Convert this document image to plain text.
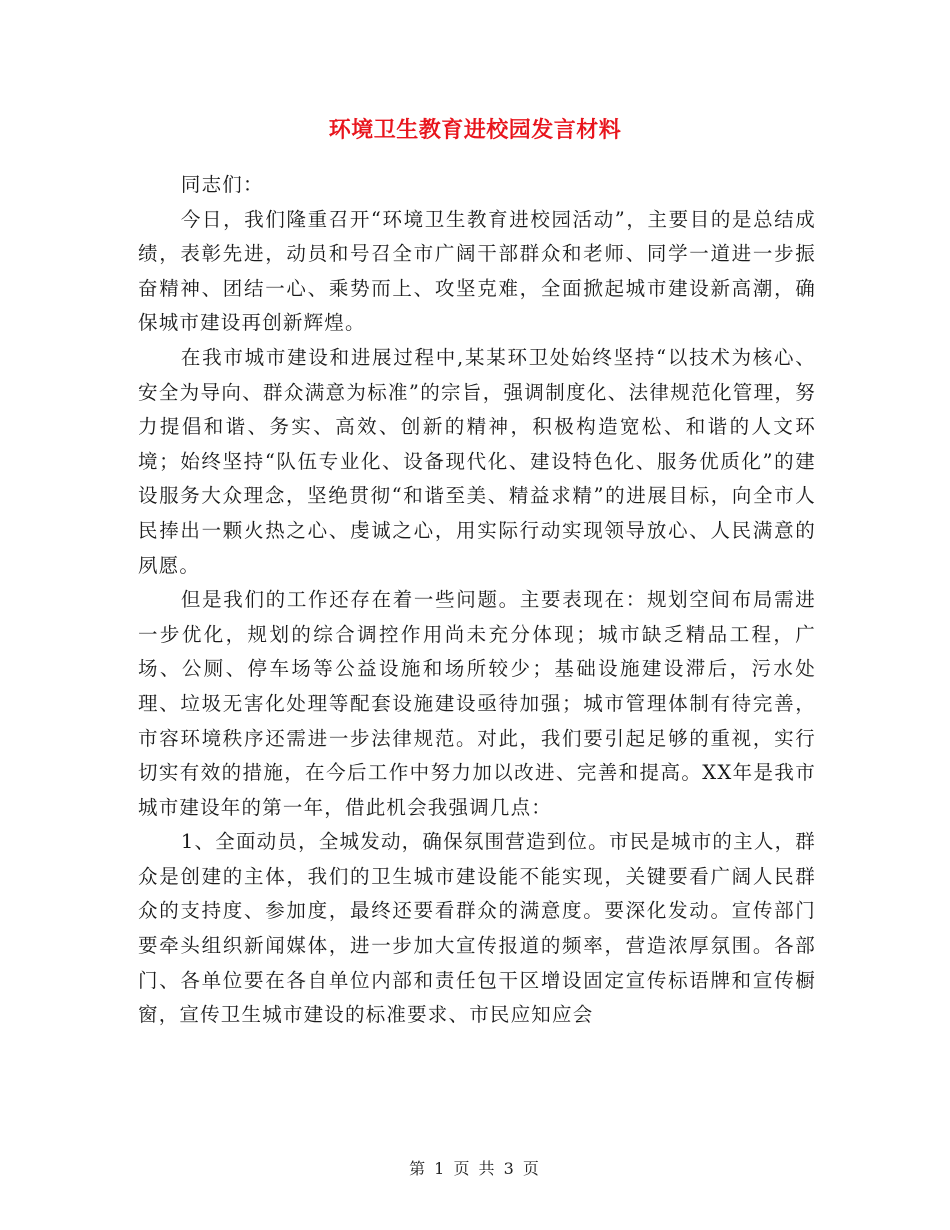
环境卫生教育进校园发言材料

同志们：

今日，我们隆重召开“环境卫生教育进校园活动”，主要目的是总结成绩，表彰先进，动员和号召全市广阔干部群众和老师、同学一道进一步振奋精神、团结一心、乘势而上、攻坚克难，全面掀起城市建设新高潮，确保城市建设再创新辉煌。

在我市城市建设和进展过程中,某某环卫处始终坚持“以技术为核心、安全为导向、群众满意为标准”的宗旨，强调制度化、法律规范化管理，努力提倡和谐、务实、高效、创新的精神，积极构造宽松、和谐的人文环境；始终坚持“队伍专业化、设备现代化、建设特色化、服务优质化”的建设服务大众理念，坚绝贯彻“和谐至美、精益求精”的进展目标，向全市人民捧出一颗火热之心、虔诚之心，用实际行动实现领导放心、人民满意的夙愿。

但是我们的工作还存在着一些问题。主要表现在：规划空间布局需进一步优化，规划的综合调控作用尚未充分体现；城市缺乏精品工程，广场、公厕、停车场等公益设施和场所较少；基础设施建设滞后，污水处理、垃圾无害化处理等配套设施建设亟待加强；城市管理体制有待完善，市容环境秩序还需进一步法律规范。对此，我们要引起足够的重视，实行切实有效的措施，在今后工作中努力加以改进、完善和提高。XX年是我市城市建设年的第一年，借此机会我强调几点：

1、全面动员，全城发动，确保氛围营造到位。市民是城市的主人，群众是创建的主体，我们的卫生城市建设能不能实现，关键要看广阔人民群众的支持度、参加度，最终还要看群众的满意度。要深化发动。宣传部门要牵头组织新闻媒体，进一步加大宣传报道的频率，营造浓厚氛围。各部门、各单位要在各自单位内部和责任包干区增设固定宣传标语牌和宣传橱窗，宣传卫生城市建设的标准要求、市民应知应会

第 1 页 共 3 页
